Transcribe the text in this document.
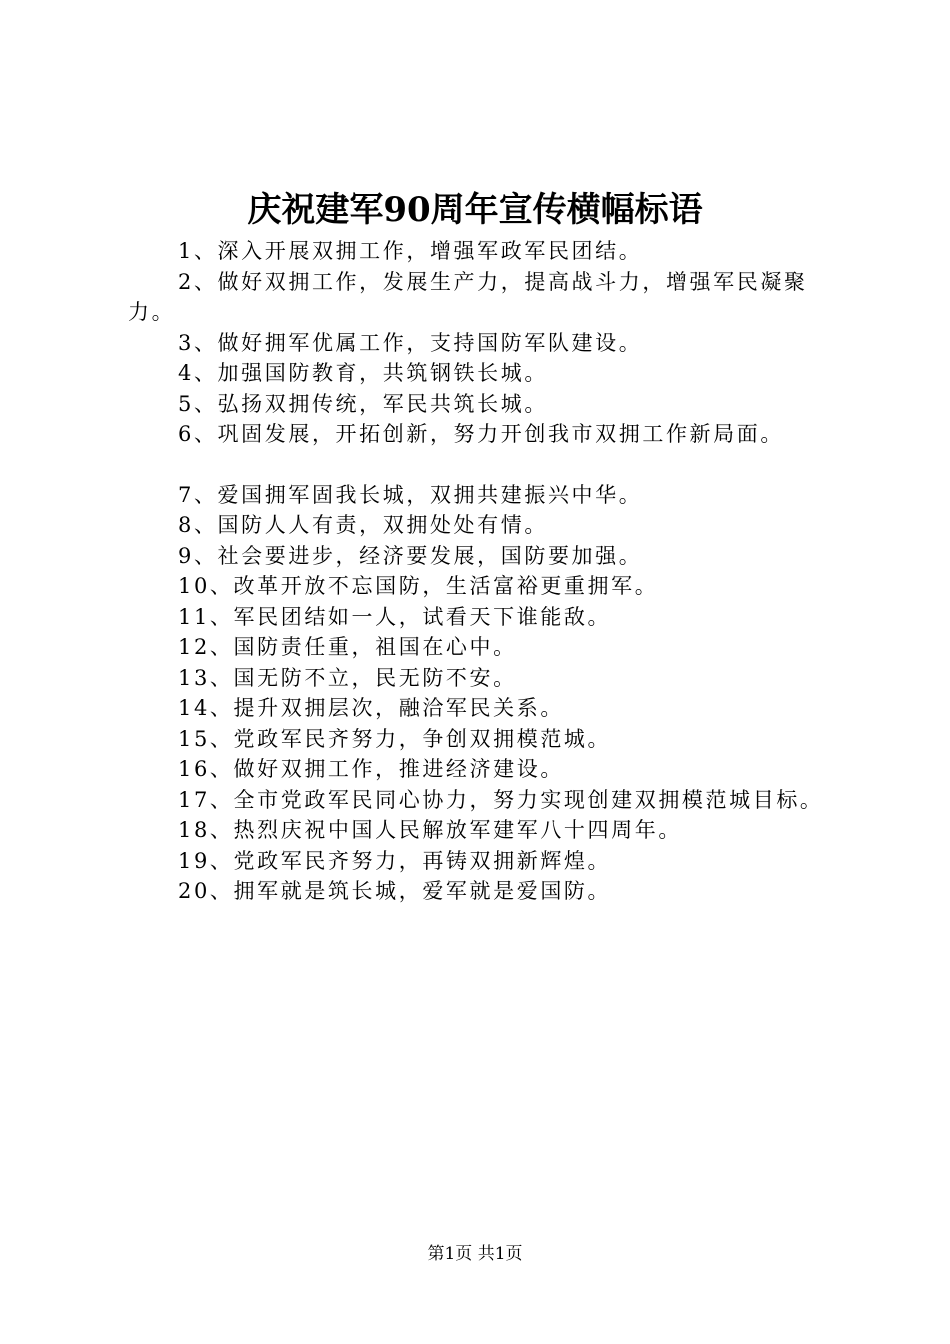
庆祝建军90周年宣传横幅标语

1、深入开展双拥工作，增强军政军民团结。

2、做好双拥工作，发展生产力，提高战斗力，增强军民凝聚力。

3、做好拥军优属工作，支持国防军队建设。

4、加强国防教育，共筑钢铁长城。

5、弘扬双拥传统，军民共筑长城。

6、巩固发展，开拓创新，努力开创我市双拥工作新局面。

7、爱国拥军固我长城，双拥共建振兴中华。

8、国防人人有责，双拥处处有情。

9、社会要进步，经济要发展，国防要加强。

10、改革开放不忘国防，生活富裕更重拥军。

11、军民团结如一人，试看天下谁能敌。

12、国防责任重，祖国在心中。

13、国无防不立，民无防不安。

14、提升双拥层次，融洽军民关系。

15、党政军民齐努力，争创双拥模范城。

16、做好双拥工作，推进经济建设。

17、全市党政军民同心协力，努力实现创建双拥模范城目标。

18、热烈庆祝中国人民解放军建军八十四周年。

19、党政军民齐努力，再铸双拥新辉煌。

20、拥军就是筑长城，爱军就是爱国防。

第1页 共1页
